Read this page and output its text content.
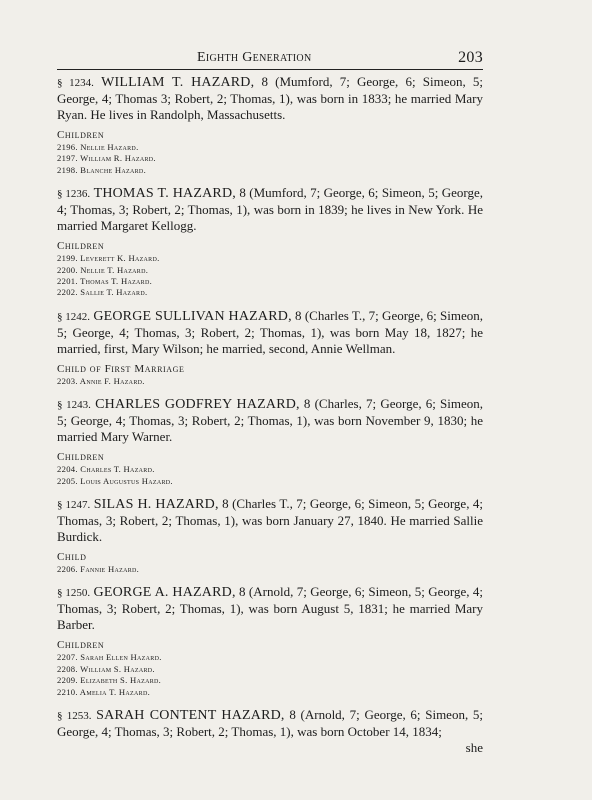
Eighth Generation	203
§ 1234. WILLIAM T. HAZARD, 8 (Mumford, 7; George, 6; Simeon, 5; George, 4; Thomas 3; Robert, 2; Thomas, 1), was born in 1833; he married Mary Ryan. He lives in Randolph, Massachusetts.
Children
2196. Nellie Hazard.
2197. William R. Hazard.
2198. Blanche Hazard.
§ 1236. THOMAS T. HAZARD, 8 (Mumford, 7; George, 6; Simeon, 5; George, 4; Thomas, 3; Robert, 2; Thomas, 1), was born in 1839; he lives in New York. He married Margaret Kellogg.
Children
2199. Leverett K. Hazard.
2200. Nellie T. Hazard.
2201. Thomas T. Hazard.
2202. Sallie T. Hazard.
§ 1242. GEORGE SULLIVAN HAZARD, 8 (Charles T., 7; George, 6; Simeon, 5; George, 4; Thomas, 3; Robert, 2; Thomas, 1), was born May 18, 1827; he married, first, Mary Wilson; he married, second, Annie Wellman.
Child of First Marriage
2203. Annie F. Hazard.
§ 1243. CHARLES GODFREY HAZARD, 8 (Charles, 7; George, 6; Simeon, 5; George, 4; Thomas, 3; Robert, 2; Thomas, 1), was born November 9, 1830; he married Mary Warner.
Children
2204. Charles T. Hazard.
2205. Louis Augustus Hazard.
§ 1247. SILAS H. HAZARD, 8 (Charles T., 7; George, 6; Simeon, 5; George, 4; Thomas, 3; Robert, 2; Thomas, 1), was born January 27, 1840. He married Sallie Burdick.
Child
2206. Fannie Hazard.
§ 1250. GEORGE A. HAZARD, 8 (Arnold, 7; George, 6; Simeon, 5; George, 4; Thomas, 3; Robert, 2; Thomas, 1), was born August 5, 1831; he married Mary Barber.
Children
2207. Sarah Ellen Hazard.
2208. William S. Hazard.
2209. Elizabeth S. Hazard.
2210. Amelia T. Hazard.
§ 1253. SARAH CONTENT HAZARD, 8 (Arnold, 7; George, 6; Simeon, 5; George, 4; Thomas, 3; Robert, 2; Thomas, 1), was born October 14, 1834;
she
